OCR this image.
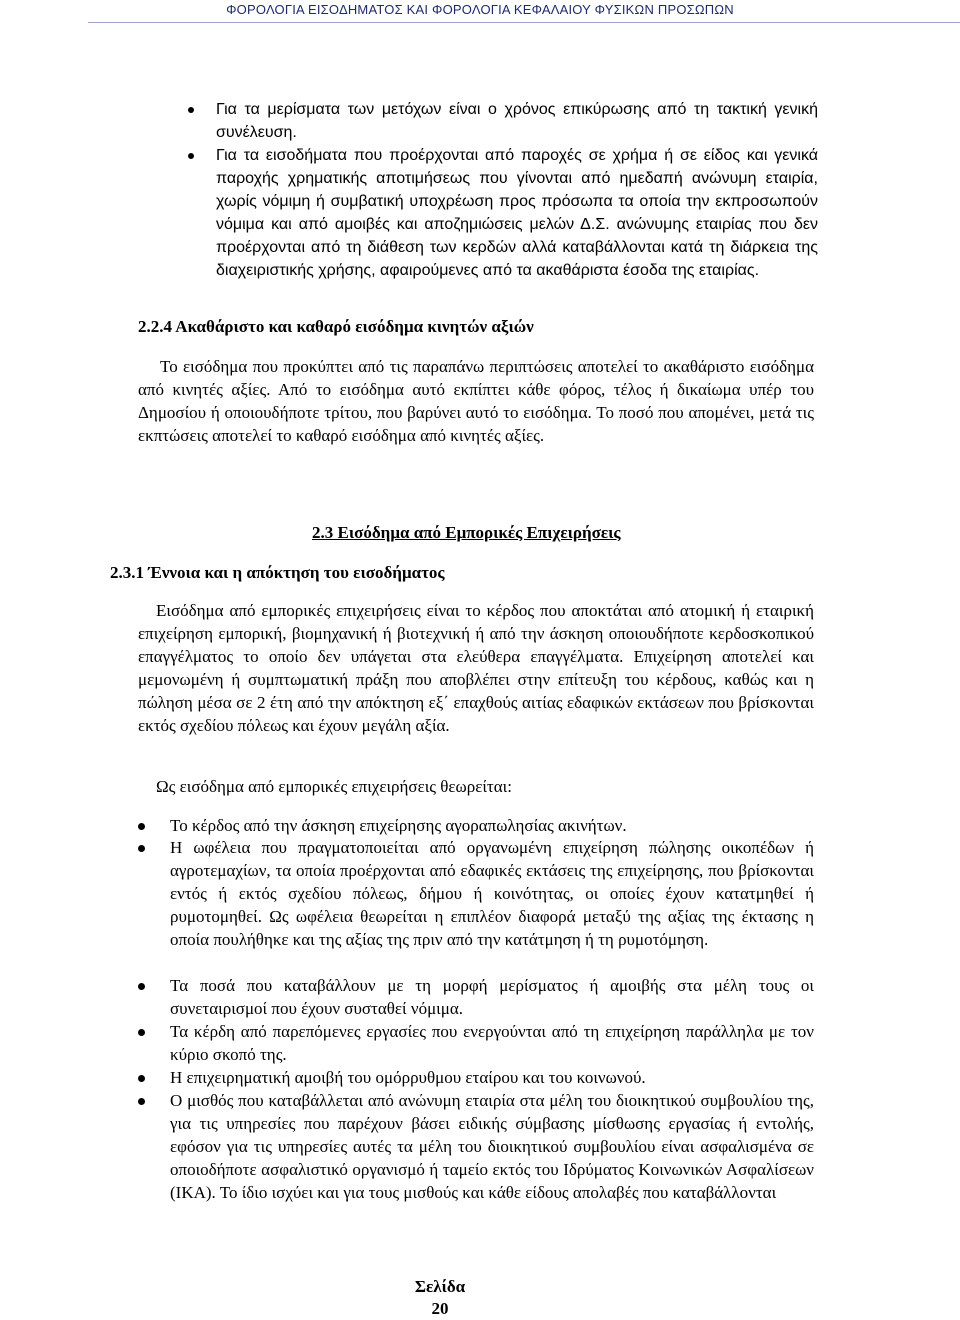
ΦΟΡΟΛΟΓΙΑ ΕΙΣΟΔΗΜΑΤΟΣ ΚΑΙ ΦΟΡΟΛΟΓΙΑ ΚΕΦΑΛΑΙΟΥ ΦΥΣΙΚΩΝ ΠΡΟΣΩΠΩΝ
Για τα μερίσματα των μετόχων είναι ο χρόνος επικύρωσης από τη τακτική γενική συνέλευση.
Για τα εισοδήματα που προέρχονται από παροχές σε χρήμα ή σε είδος και γενικά παροχής χρηματικής αποτιμήσεως που γίνονται από ημεδαπή ανώνυμη εταιρία, χωρίς νόμιμη ή συμβατική υποχρέωση προς πρόσωπα τα οποία την εκπροσωπούν νόμιμα και από αμοιβές και αποζημιώσεις μελών Δ.Σ. ανώνυμης εταιρίας που δεν προέρχονται από τη διάθεση των κερδών αλλά καταβάλλονται κατά τη διάρκεια της διαχειριστικής χρήσης, αφαιρούμενες από τα ακαθάριστα έσοδα της εταιρίας.
2.2.4 Ακαθάριστο και καθαρό εισόδημα κινητών αξιών
Το εισόδημα που προκύπτει από τις παραπάνω περιπτώσεις αποτελεί το ακαθάριστο εισόδημα από κινητές αξίες. Από το εισόδημα αυτό εκπίπτει κάθε φόρος, τέλος ή δικαίωμα υπέρ του Δημοσίου ή οποιουδήποτε τρίτου, που βαρύνει αυτό το εισόδημα. Το ποσό που απομένει, μετά τις εκπτώσεις αποτελεί το καθαρό εισόδημα από κινητές αξίες.
2.3 Εισόδημα από Εμπορικές Επιχειρήσεις
2.3.1 Έννοια και η απόκτηση του εισοδήματος
Εισόδημα από εμπορικές επιχειρήσεις είναι το κέρδος που αποκτάται από ατομική ή εταιρική επιχείρηση εμπορική, βιομηχανική ή βιοτεχνική ή από την άσκηση οποιουδήποτε κερδοσκοπικού επαγγέλματος το οποίο δεν υπάγεται στα ελεύθερα επαγγέλματα. Επιχείρηση αποτελεί και μεμονωμένη ή συμπτωματική πράξη που αποβλέπει στην επίτευξη του κέρδους, καθώς και η πώληση μέσα σε 2 έτη από την απόκτηση εξ΄ επαχθούς αιτίας εδαφικών εκτάσεων που βρίσκονται εκτός σχεδίου πόλεως και έχουν μεγάλη αξία.
Ως εισόδημα από εμπορικές επιχειρήσεις θεωρείται:
Το κέρδος από την άσκηση επιχείρησης αγοραπωλησίας ακινήτων.
Η ωφέλεια που πραγματοποιείται από οργανωμένη επιχείρηση πώλησης οικοπέδων ή αγροτεμαχίων, τα οποία προέρχονται από εδαφικές εκτάσεις της επιχείρησης, που βρίσκονται εντός ή εκτός σχεδίου πόλεως, δήμου ή κοινότητας, οι οποίες έχουν κατατμηθεί ή ρυμοτομηθεί. Ως ωφέλεια θεωρείται η επιπλέον διαφορά μεταξύ της αξίας της έκτασης η οποία πουλήθηκε και της αξίας της πριν από την κατάτμηση ή τη ρυμοτόμηση.
Τα ποσά που καταβάλλουν με τη μορφή μερίσματος ή αμοιβής στα μέλη τους οι συνεταιρισμοί που έχουν συσταθεί νόμιμα.
Τα κέρδη από παρεπόμενες εργασίες που ενεργούνται από τη επιχείρηση παράλληλα με τον κύριο σκοπό της.
Η επιχειρηματική αμοιβή του ομόρρυθμου εταίρου και του κοινωνού.
Ο μισθός που καταβάλλεται από ανώνυμη εταιρία στα μέλη του διοικητικού συμβουλίου της, για τις υπηρεσίες που παρέχουν βάσει ειδικής σύμβασης μίσθωσης εργασίας ή εντολής, εφόσον για τις υπηρεσίες αυτές τα μέλη του διοικητικού συμβουλίου είναι ασφαλισμένα σε οποιοδήποτε ασφαλιστικό οργανισμό ή ταμείο εκτός του Ιδρύματος Κοινωνικών Ασφαλίσεων (ΙΚΑ). Το ίδιο ισχύει και για τους μισθούς και κάθε είδους απολαβές που καταβάλλονται
Σελίδα
20
